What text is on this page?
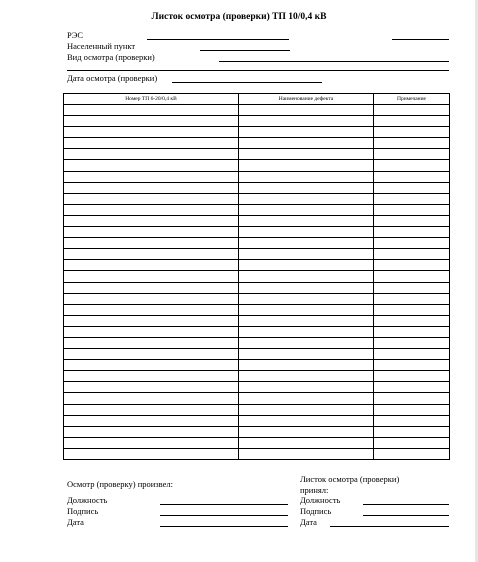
Листок осмотра (проверки) ТП 10/0,4 кВ
РЭС
Населенный пункт
Вид осмотра (проверки)
Дата осмотра (проверки)
Номер ТП 6-20/0,4 кВ	Наименование дефекта	Примечание

Осмотр (проверку) произвел:
Должность
Подпись
Дата
Листок осмотра (проверки)
принял:
Должность
Подпись
Дата
